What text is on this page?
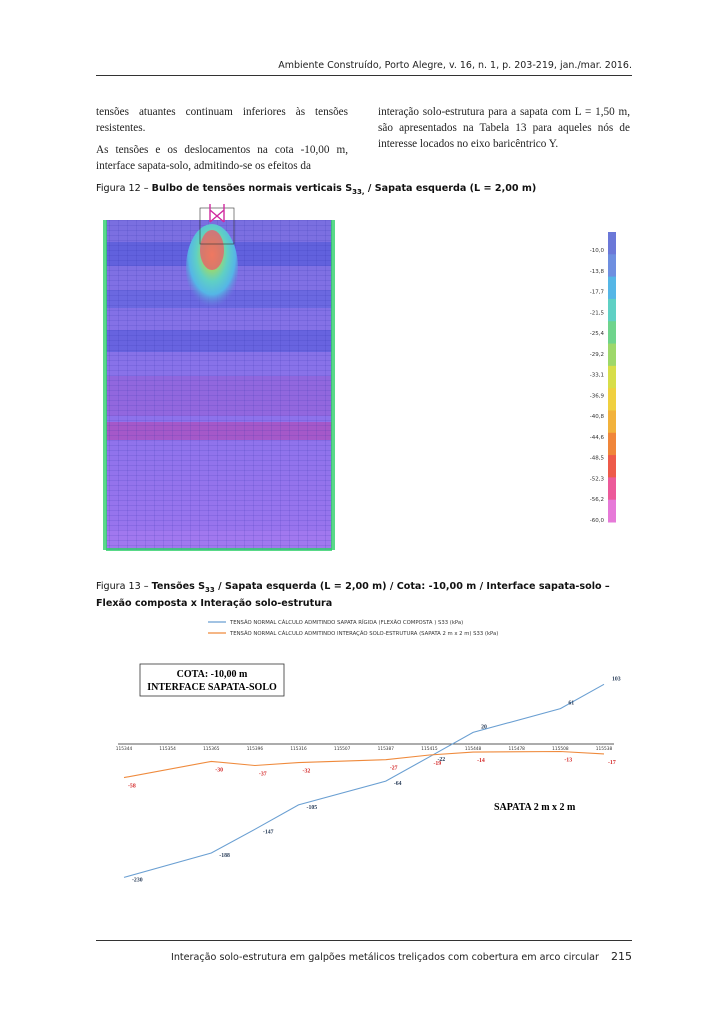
Ambiente Construído, Porto Alegre, v. 16, n. 1, p. 203-219, jan./mar. 2016.

tensões atuantes continuam inferiores às tensões resistentes.

As tensões e os deslocamentos na cota -10,00 m, interface sapata-solo, admitindo-se os efeitos da

interação solo-estrutura para a sapata com L = 1,50 m, são apresentados na Tabela 13 para aqueles nós de interesse locados no eixo baricêntrico Y.

Figura 12 – Bulbo de tensões normais verticais $S_{33,}$ / Sapata esquerda (L = 2,00 m)
-10,0
-13,8
-17,7
-21,5
-25,4
-29,2
-33,1
-36,9
-40,8
-44,6
-48,5
-52,3
-56,2
-60,0
Figura 13 – Tensões $S_{33}$ / Sapata esquerda (L = 2,00 m) / Cota: -10,00 m / Interface sapata-solo – Flexão composta x Interação solo-estrutura
TENSÃO NORMAL CÁLCULO ADMITINDO SAPATA RÍGIDA (FLEXÃO COMPOSTA ) S33 (kPa)
TENSÃO NORMAL CÁLCULO ADMITINDO INTERAÇÃO SOLO-ESTRUTURA (SAPATA 2 m x 2 m) S33 (kPa)
COTA: -10,00 m
INTERFACE SAPATA-SOLO
SAPATA 2 m x 2 m
115344	115354	115365	115396	115316	115507	115387	115415	115448	115478	115508	115538
-230
-188
-147
-105
-64
-22
20
61
103
-58
-30
-37	-32	-27
-19	-14	-13	-17
Interação solo-estrutura em galpões metálicos treliçados com cobertura em arco circular 215
